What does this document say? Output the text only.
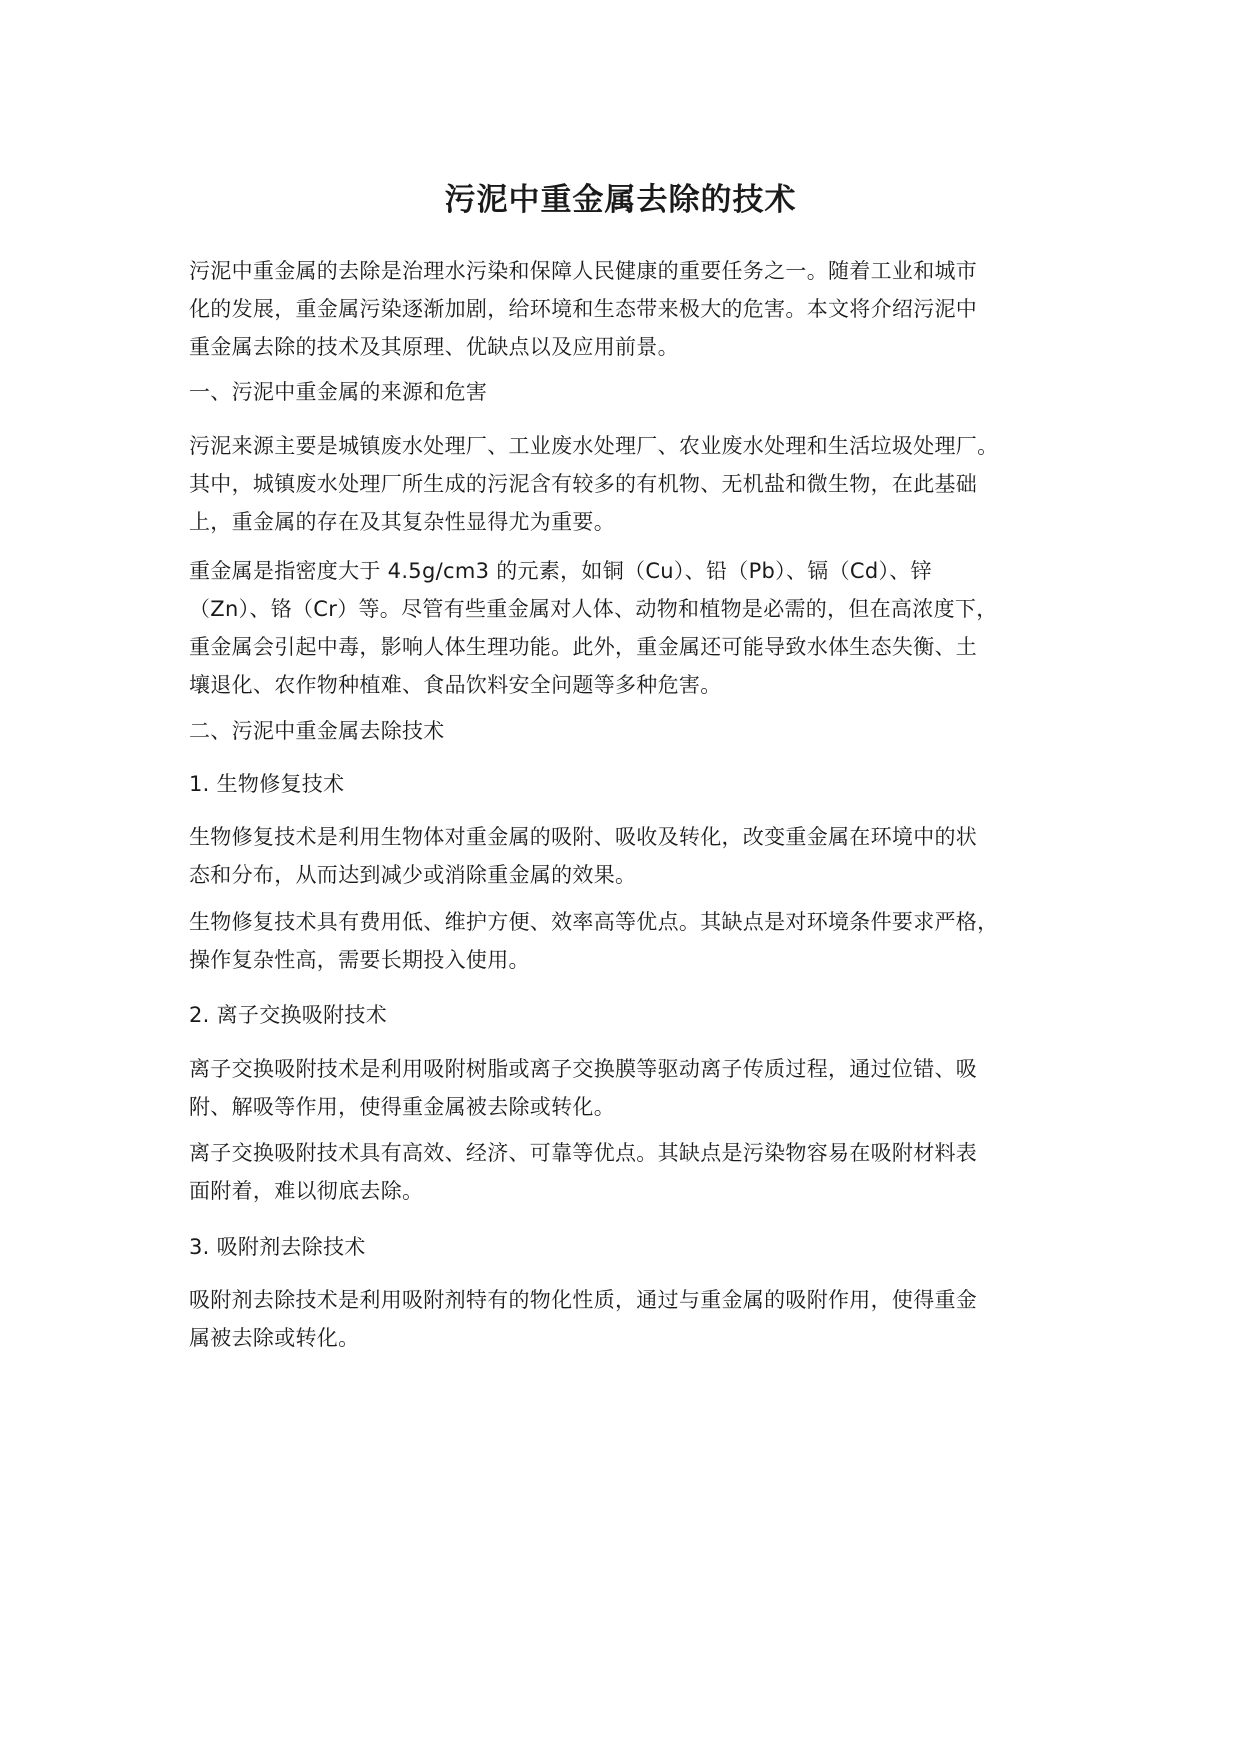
污泥中重金属去除的技术

污泥中重金属的去除是治理水污染和保障人民健康的重要任务之一。随着工业和城市
化的发展，重金属污染逐渐加剧，给环境和生态带来极大的危害。本文将介绍污泥中
重金属去除的技术及其原理、优缺点以及应用前景。

一、污泥中重金属的来源和危害

污泥来源主要是城镇废水处理厂、工业废水处理厂、农业废水处理和生活垃圾处理厂。
其中，城镇废水处理厂所生成的污泥含有较多的有机物、无机盐和微生物，在此基础
上，重金属的存在及其复杂性显得尤为重要。

重金属是指密度大于 4.5g/cm3 的元素，如铜（Cu）、铅（Pb）、镉（Cd）、锌
（Zn）、铬（Cr）等。尽管有些重金属对人体、动物和植物是必需的，但在高浓度下，
重金属会引起中毒，影响人体生理功能。此外，重金属还可能导致水体生态失衡、土
壤退化、农作物种植难、食品饮料安全问题等多种危害。

二、污泥中重金属去除技术

1. 生物修复技术

生物修复技术是利用生物体对重金属的吸附、吸收及转化，改变重金属在环境中的状
态和分布，从而达到减少或消除重金属的效果。

生物修复技术具有费用低、维护方便、效率高等优点。其缺点是对环境条件要求严格，
操作复杂性高，需要长期投入使用。

2. 离子交换吸附技术

离子交换吸附技术是利用吸附树脂或离子交换膜等驱动离子传质过程，通过位错、吸
附、解吸等作用，使得重金属被去除或转化。

离子交换吸附技术具有高效、经济、可靠等优点。其缺点是污染物容易在吸附材料表
面附着，难以彻底去除。

3. 吸附剂去除技术

吸附剂去除技术是利用吸附剂特有的物化性质，通过与重金属的吸附作用，使得重金
属被去除或转化。
